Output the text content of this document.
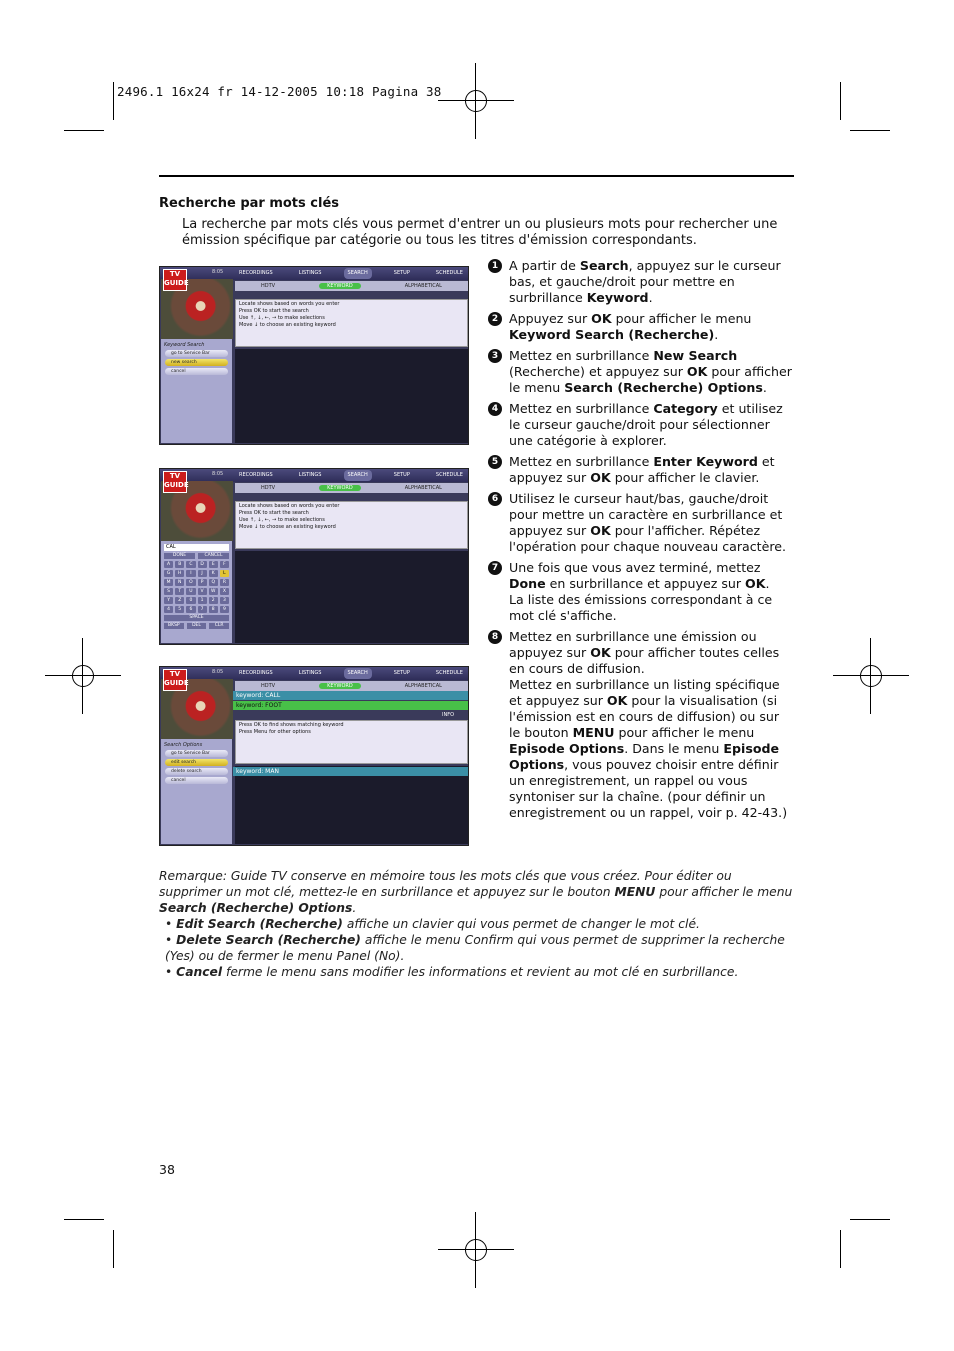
2496.1 16x24 fr 14-12-2005 10:18 Pagina 38
Recherche par mots clés

La recherche par mots clés vous permet d'entrer un ou plusieurs mots pour rechercher une émission spécifique par catégorie ou tous les titres d'émission correspondants.

TV GUIDE
8:05	RECORDINGS	LISTINGS	SEARCH	SETUP	SCHEDULE
HDTV	KEYWORD	ALPHABETICAL

Locate shows based on words you enter

Press OK to start the search

Use ↑, ↓, ←, → to make selections

Move ↓ to choose an existing keyword

Keyword Search
go to Service Bar
new search
cancel
TV GUIDE
8:05	RECORDINGS	LISTINGS	SEARCH	SETUP	SCHEDULE
HDTV	KEYWORD	ALPHABETICAL

Locate shows based on words you enter

Press OK to start the search

Use ↑, ↓, ←, → to make selections

Move ↓ to choose an existing keyword

CAL
DONE	CANCEL
A	B	C	D	E	F
G	H	I	J	K	L
M	N	O	P	Q	R
S	T	U	V	W	X
Y	Z	0	1	2	3
4	5	6	7	8	9
SPACE
BKSP	DEL	CLR
TV GUIDE
8:05	RECORDINGS	LISTINGS	SEARCH	SETUP	SCHEDULE
HDTV	KEYWORD	ALPHABETICAL
keyword: CALL
keyword: FOOT
INFO

Press OK to find shows matching keyword

Press Menu for other options

Search Options
go to Service Bar
edit search
delete search
cancel
keyword: MAN
1 A partir de Search, appuyez sur le curseur bas, et gauche/droit pour mettre en surbrillance Keyword.
2 Appuyez sur OK pour afficher le menu Keyword Search (Recherche).
3 Mettez en surbrillance New Search (Recherche) et appuyez sur OK pour afficher le menu Search (Recherche) Options.
4 Mettez en surbrillance Category et utilisez le curseur gauche/droit pour sélectionner une catégorie à explorer.
5 Mettez en surbrillance Enter Keyword et appuyez sur OK pour afficher le clavier.
6 Utilisez le curseur haut/bas, gauche/droit pour mettre un caractère en surbrillance et appuyez sur OK pour l'afficher. Répétez l'opération pour chaque nouveau caractère.
7 Une fois que vous avez terminé, mettez Done en surbrillance et appuyez sur OK.
La liste des émissions correspondant à ce mot clé s'affiche.
8 Mettez en surbrillance une émission ou appuyez sur OK pour afficher toutes celles en cours de diffusion.
Mettez en surbrillance un listing spécifique et appuyez sur OK pour la visualisation (si l'émission est en cours de diffusion) ou sur le bouton MENU pour afficher le menu Episode Options. Dans le menu Episode Options, vous pouvez choisir entre définir un enregistrement, un rappel ou vous syntoniser sur la chaîne. (pour définir un enregistrement ou un rappel, voir p. 42-43.)

Remarque: Guide TV conserve en mémoire tous les mots clés que vous créez. Pour éditer ou supprimer un mot clé, mettez-le en surbrillance et appuyez sur le bouton MENU pour afficher le menu Search (Recherche) Options.

• Edit Search (Recherche) affiche un clavier qui vous permet de changer le mot clé.

• Delete Search (Recherche) affiche le menu Confirm qui vous permet de supprimer la recherche (Yes) ou de fermer le menu Panel (No).

• Cancel ferme le menu sans modifier les informations et revient au mot clé en surbrillance.

38
